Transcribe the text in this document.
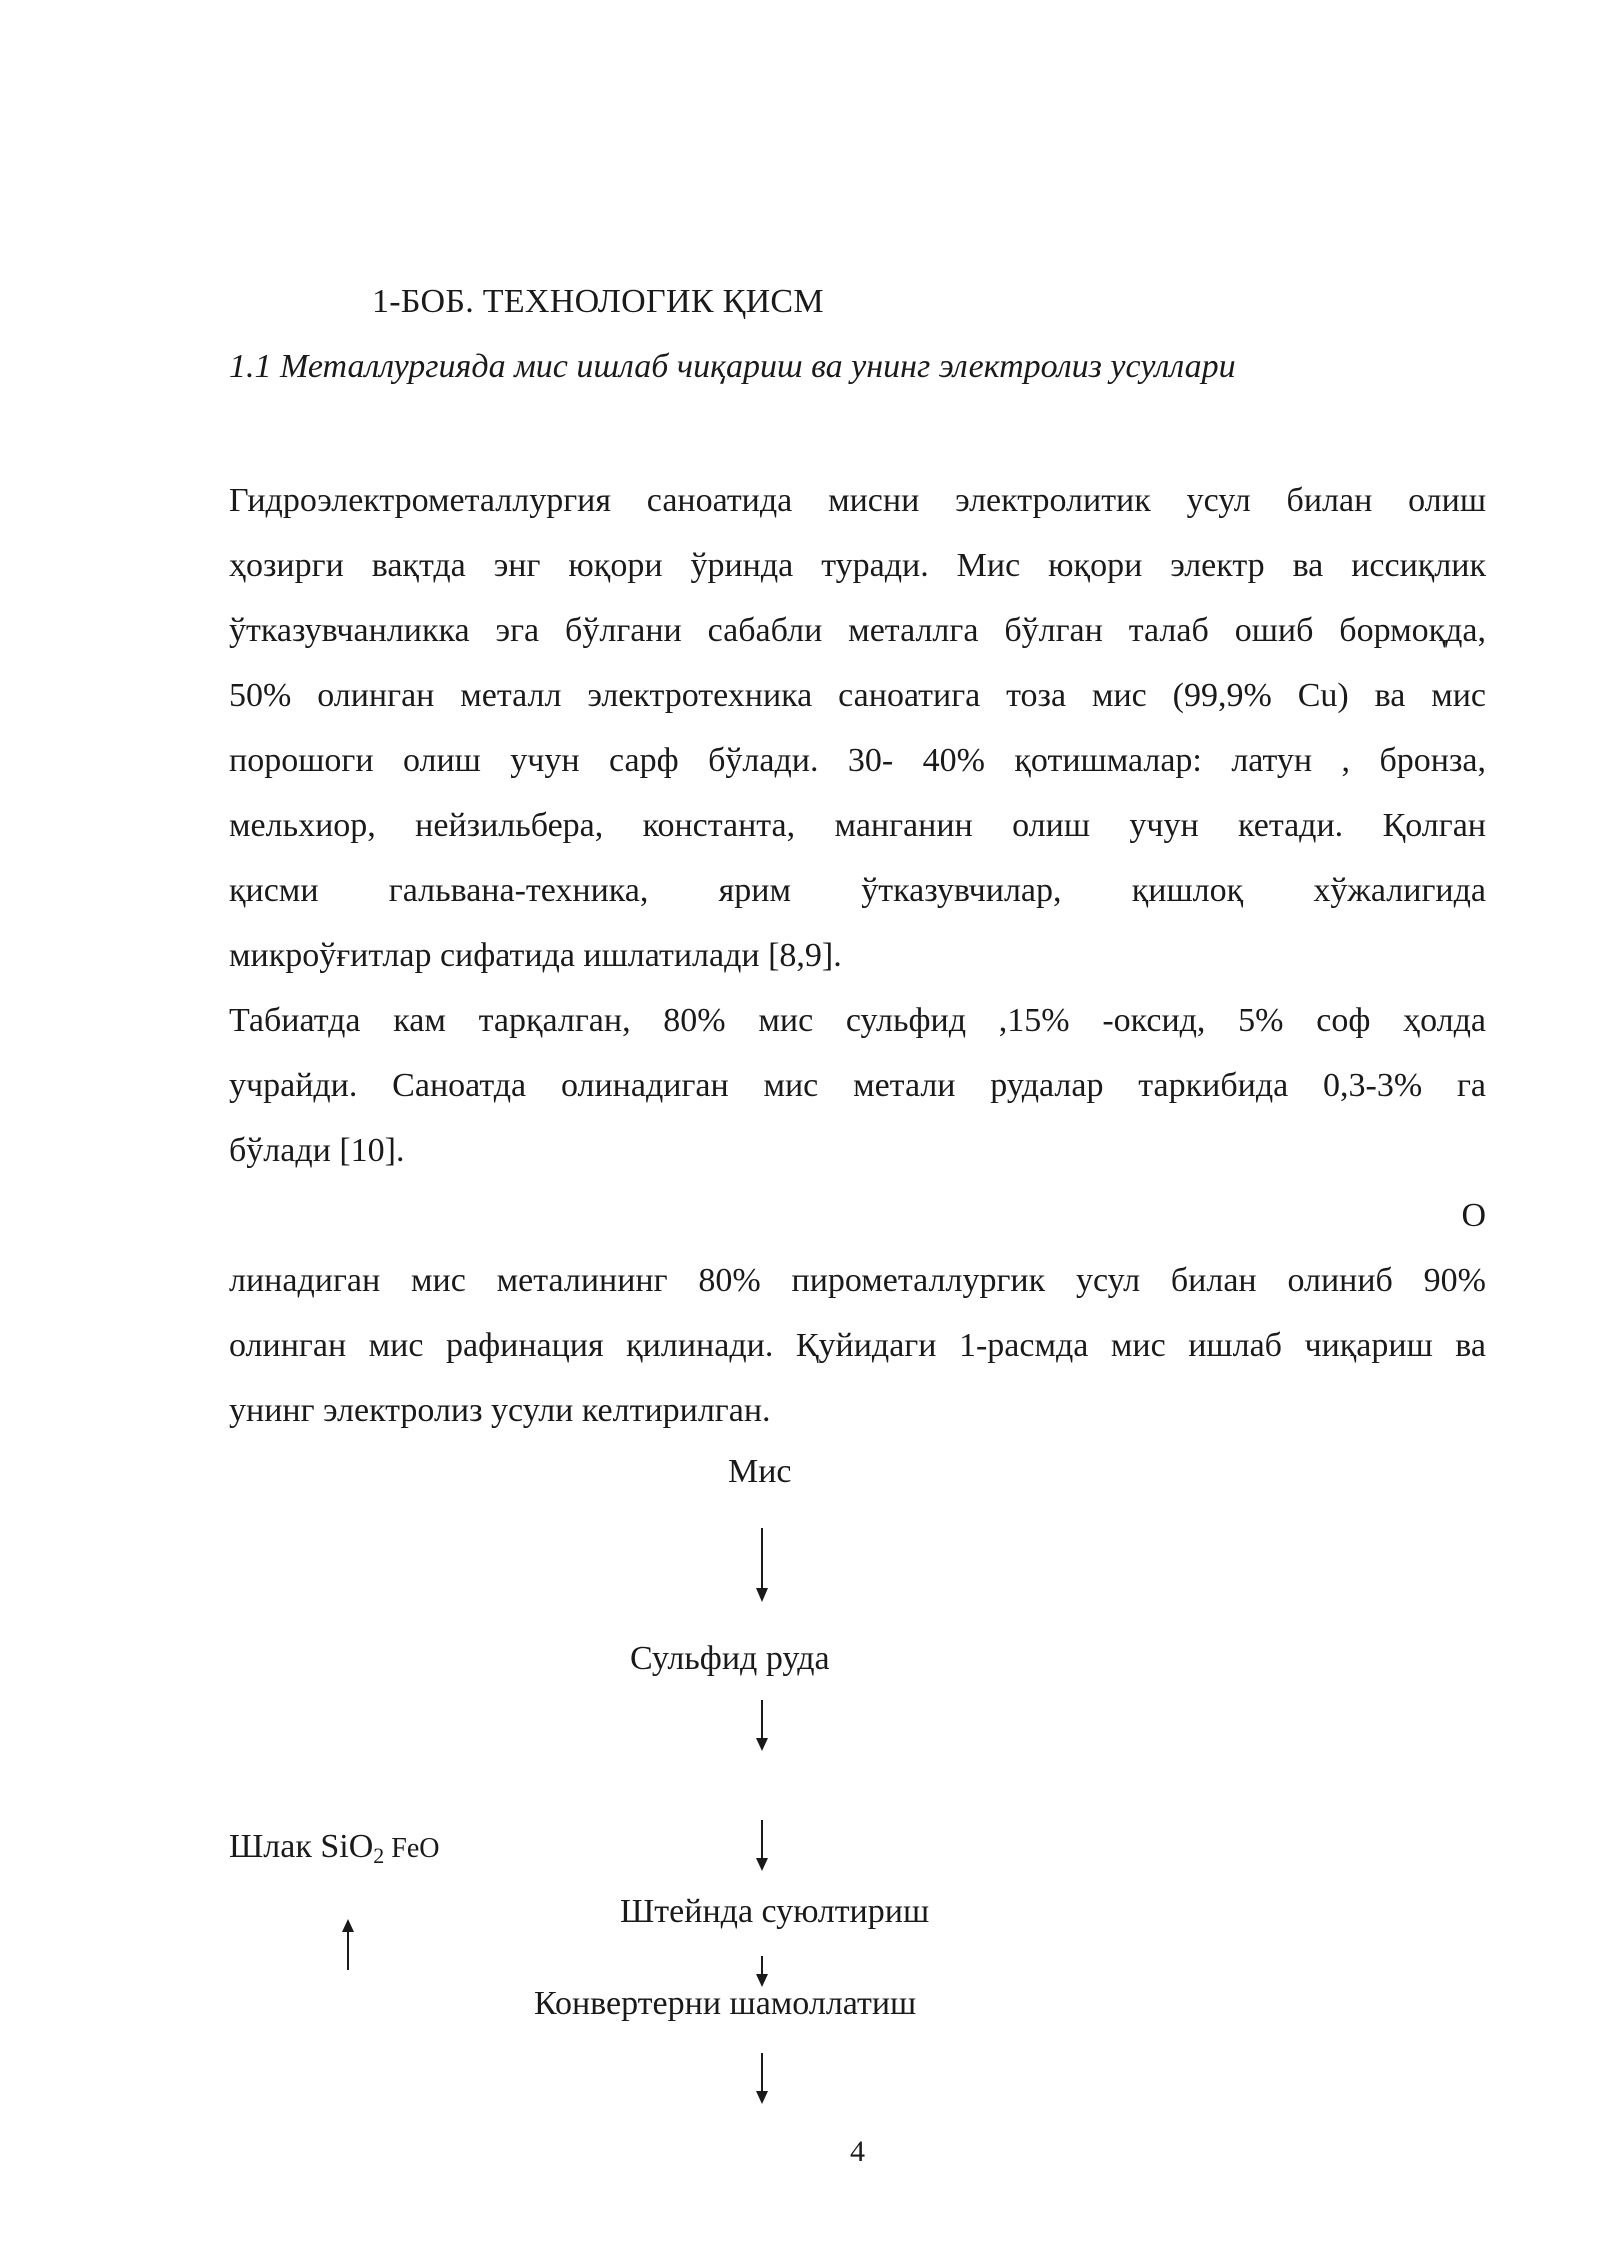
1-БОБ. ТЕХНОЛОГИК ҚИСМ
1.1 Металлургияда мис ишлаб чиқариш ва унинг электролиз усуллари
Гидроэлектрометаллургия саноатида мисни электролитик усул билан олиш
ҳозирги вақтда энг юқори ўринда туради. Мис юқори электр ва иссиқлик
ўтказувчанликка эга бўлгани сабабли металлга бўлган талаб ошиб бормоқда,
50% олинган металл электротехника саноатига тоза мис (99,9% Cu) ва мис
порошоги олиш учун сарф бўлади. 30- 40% қотишмалар: латун , бронза,
мельхиор, нейзильбера, константа, манганин олиш учун кетади. Қолган
қисми гальвана-техника, ярим ўтказувчилар, қишлоқ хўжалигида
микроўғитлар сифатида ишлатилади [8,9].
Табиатда кам тарқалган, 80% мис сульфид ,15% -оксид, 5% соф ҳолда
учрайди. Саноатда олинадиган мис метали рудалар таркибида 0,3-3% га
бўлади [10].
О
линадиган мис металининг 80% пирометаллургик усул билан олиниб 90%
олинган мис рафинация қилинади. Қуйидаги 1-расмда мис ишлаб чиқариш ва
унинг электролиз усули келтирилган.
Мис
Сульфид руда
Шлак SiO$_2$ FeO
Штейнда суюлтириш
Конвертерни шамоллатиш
4
